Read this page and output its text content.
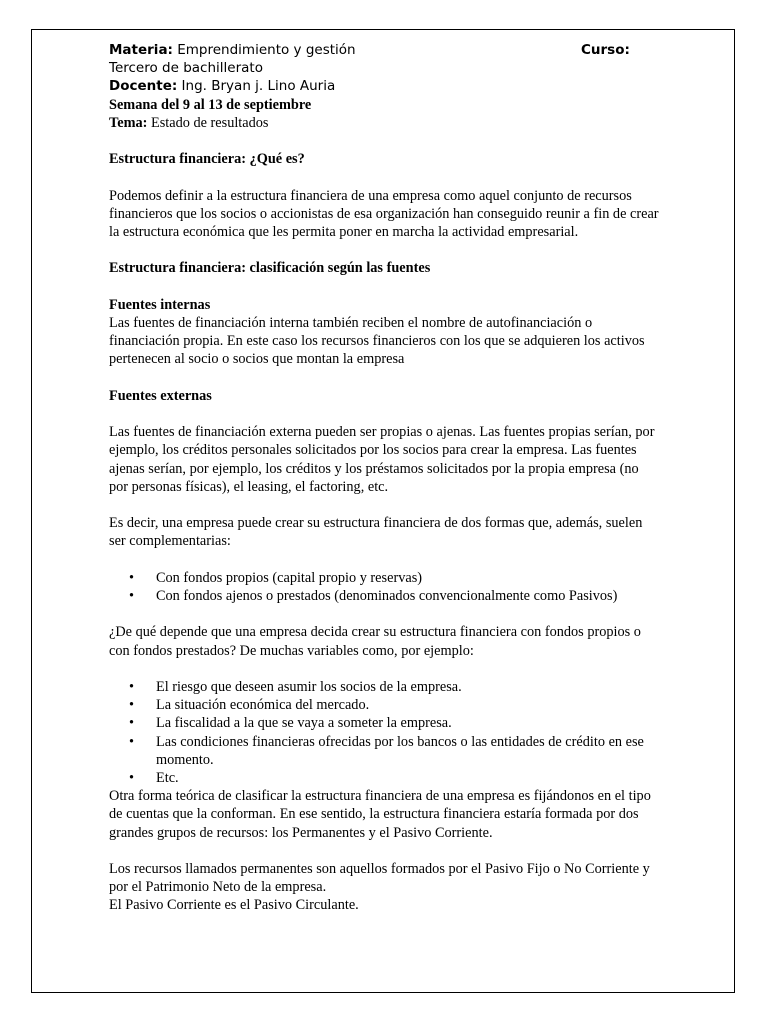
Materia: Emprendimiento y gestión	Curso:

Tercero de bachillerato

Docente: Ing. Bryan j. Lino Auria

Semana del 9 al 13 de septiembre

Tema: Estado de resultados

Estructura financiera: ¿Qué es?

Podemos definir a la estructura financiera de una empresa como aquel conjunto de recursos financieros que los socios o accionistas de esa organización han conseguido reunir a fin de crear la estructura económica que les permita poner en marcha la actividad empresarial.

Estructura financiera: clasificación según las fuentes

Fuentes internas

Las fuentes de financiación interna también reciben el nombre de autofinanciación o financiación propia. En este caso los recursos financieros con los que se adquieren los activos pertenecen al socio o socios que montan la empresa

Fuentes externas

Las fuentes de financiación externa pueden ser propias o ajenas. Las fuentes propias serían, por ejemplo, los créditos personales solicitados por los socios para crear la empresa. Las fuentes ajenas serían, por ejemplo, los créditos y los préstamos solicitados por la propia empresa (no por personas físicas), el leasing, el factoring, etc.

Es decir, una empresa puede crear su estructura financiera de dos formas que, además, suelen ser complementarias:

• Con fondos propios (capital propio y reservas)
• Con fondos ajenos o prestados (denominados convencionalmente como Pasivos)

¿De qué depende que una empresa decida crear su estructura financiera con fondos propios o con fondos prestados? De muchas variables como, por ejemplo:

• El riesgo que deseen asumir los socios de la empresa.
• La situación económica del mercado.
• La fiscalidad a la que se vaya a someter la empresa.
• Las condiciones financieras ofrecidas por los bancos o las entidades de crédito en ese momento.
• Etc.

Otra forma teórica de clasificar la estructura financiera de una empresa es fijándonos en el tipo de cuentas que la conforman. En ese sentido, la estructura financiera estaría formada por dos grandes grupos de recursos: los Permanentes y el Pasivo Corriente.

Los recursos llamados permanentes son aquellos formados por el Pasivo Fijo o No Corriente y por el Patrimonio Neto de la empresa.

El Pasivo Corriente es el Pasivo Circulante.
